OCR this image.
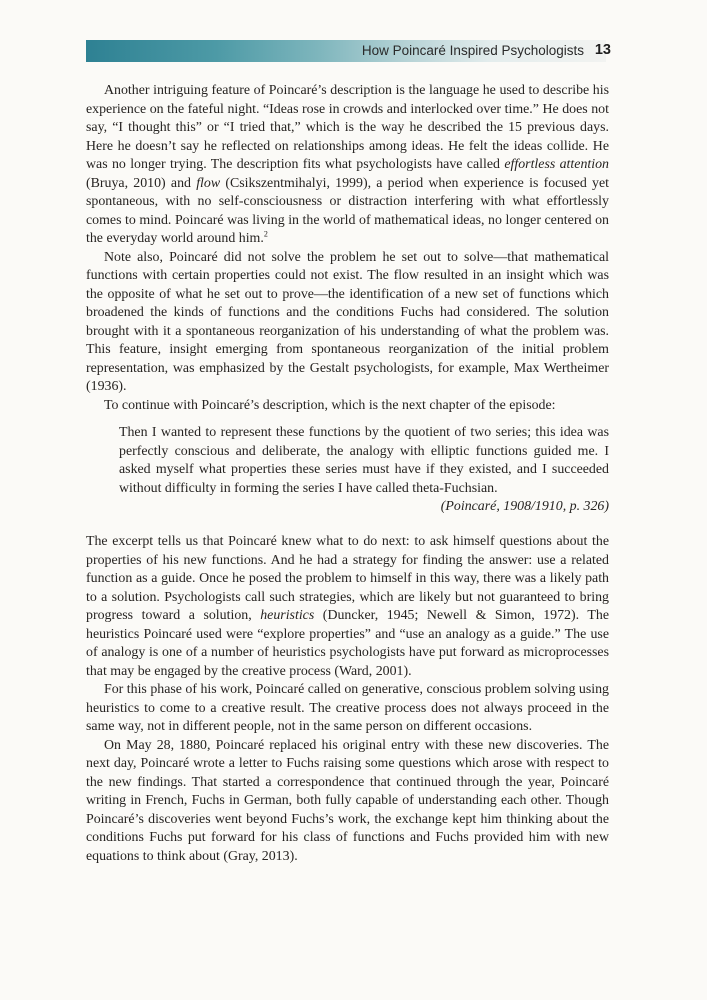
How Poincaré Inspired Psychologists 13

Another intriguing feature of Poincaré’s description is the language he used to describe his experience on the fateful night. “Ideas rose in crowds and interlocked over time.” He does not say, “I thought this” or “I tried that,” which is the way he described the 15 previous days. Here he doesn’t say he reflected on relationships among ideas. He felt the ideas collide. He was no longer trying. The description fits what psychologists have called effortless attention (Bruya, 2010) and flow (Csikszentmihalyi, 1999), a period when experience is focused yet spontaneous, with no self-consciousness or distraction interfering with what effortlessly comes to mind. Poincaré was living in the world of mathematical ideas, no longer centered on the everyday world around him.$^2$

Note also, Poincaré did not solve the problem he set out to solve—that mathematical functions with certain properties could not exist. The flow resulted in an insight which was the opposite of what he set out to prove—the identification of a new set of functions which broadened the kinds of functions and the conditions Fuchs had considered. The solution brought with it a spontaneous reorganization of his understanding of what the problem was. This feature, insight emerging from spontaneous reorganization of the initial problem representation, was emphasized by the Gestalt psychologists, for example, Max Wertheimer (1936).

To continue with Poincaré’s description, which is the next chapter of the episode:

Then I wanted to represent these functions by the quotient of two series; this idea was perfectly conscious and deliberate, the analogy with elliptic functions guided me. I asked myself what properties these series must have if they existed, and I succeeded without difficulty in forming the series I have called theta-Fuchsian.

(Poincaré, 1908/1910, p. 326)

The excerpt tells us that Poincaré knew what to do next: to ask himself questions about the properties of his new functions. And he had a strategy for finding the answer: use a related function as a guide. Once he posed the problem to himself in this way, there was a likely path to a solution. Psychologists call such strategies, which are likely but not guaranteed to bring progress toward a solution, heuristics (Duncker, 1945; Newell & Simon, 1972). The heuristics Poincaré used were “explore properties” and “use an analogy as a guide.” The use of analogy is one of a number of heuristics psychologists have put forward as microprocesses that may be engaged by the creative process (Ward, 2001).

For this phase of his work, Poincaré called on generative, conscious problem solving using heuristics to come to a creative result. The creative process does not always proceed in the same way, not in different people, not in the same person on different occasions.

On May 28, 1880, Poincaré replaced his original entry with these new discoveries. The next day, Poincaré wrote a letter to Fuchs raising some questions which arose with respect to the new findings. That started a correspondence that continued through the year, Poincaré writing in French, Fuchs in German, both fully capable of understanding each other. Though Poincaré’s discoveries went beyond Fuchs’s work, the exchange kept him thinking about the conditions Fuchs put forward for his class of functions and Fuchs provided him with new equations to think about (Gray, 2013).
